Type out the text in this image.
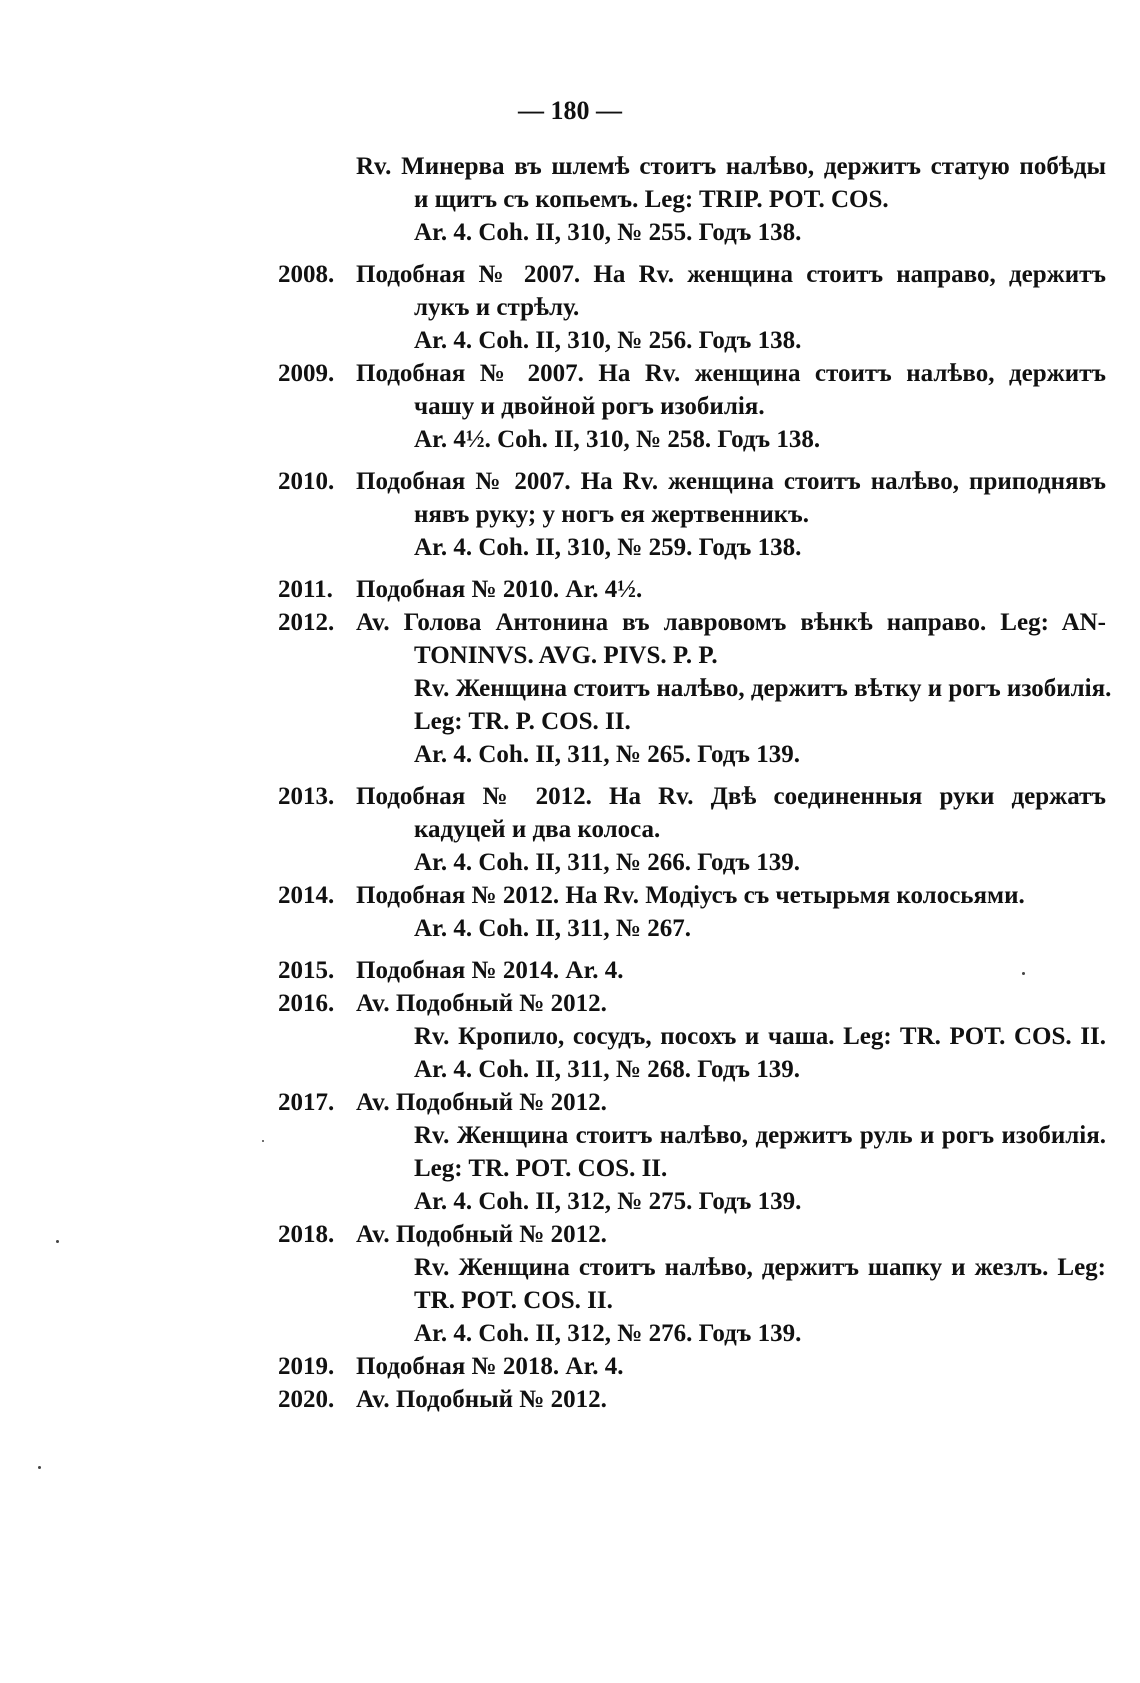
— 180 —
Rv. Минерва въ шлемѣ стоитъ налѣво, держитъ статую побѣды
и щитъ съ копьемъ. Leg: TRIP. POT. COS.
Ar. 4. Coh. II, 310, № 255. Годъ 138.
2008. Подобная № 2007. На Rv. женщина стоитъ направо, держитъ
лукъ и стрѣлу.
Ar. 4. Coh. II, 310, № 256. Годъ 138.
2009. Подобная № 2007. На Rv. женщина стоитъ налѣво, держитъ
чашу и двойной рогъ изобилія.
Ar. 4½. Coh. II, 310, № 258. Годъ 138.
2010. Подобная № 2007. На Rv. женщина стоитъ налѣво, приподнявъ
нявъ руку; у ногъ ея жертвенникъ.
Ar. 4. Coh. II, 310, № 259. Годъ 138.
2011. Подобная № 2010. Ar. 4½.
2012. Av. Голова Антонина въ лавровомъ вѣнкѣ направо. Leg: AN-
TONINVS. AVG. PIVS. P. P.
Rv. Женщина стоитъ налѣво, держитъ вѣтку и рогъ изобилія.
Leg: TR. P. COS. II.
Ar. 4. Coh. II, 311, № 265. Годъ 139.
2013. Подобная № 2012. На Rv. Двѣ соединенныя руки держатъ
кадуцей и два колоса.
Ar. 4. Coh. II, 311, № 266. Годъ 139.
2014. Подобная № 2012. На Rv. Модіусъ съ четырьмя колосьями.
Ar. 4. Coh. II, 311, № 267.
2015. Подобная № 2014. Ar. 4.
2016. Av. Подобный № 2012.
Rv. Кропило, сосудъ, посохъ и чаша. Leg: TR. POT. COS. II.
Ar. 4. Coh. II, 311, № 268. Годъ 139.
2017. Av. Подобный № 2012.
Rv. Женщина стоитъ налѣво, держитъ руль и рогъ изобилія.
Leg: TR. POT. COS. II.
Ar. 4. Coh. II, 312, № 275. Годъ 139.
2018. Av. Подобный № 2012.
Rv. Женщина стоитъ налѣво, держитъ шапку и жезлъ. Leg:
TR. POT. COS. II.
Ar. 4. Coh. II, 312, № 276. Годъ 139.
2019. Подобная № 2018. Ar. 4.
2020. Av. Подобный № 2012.
